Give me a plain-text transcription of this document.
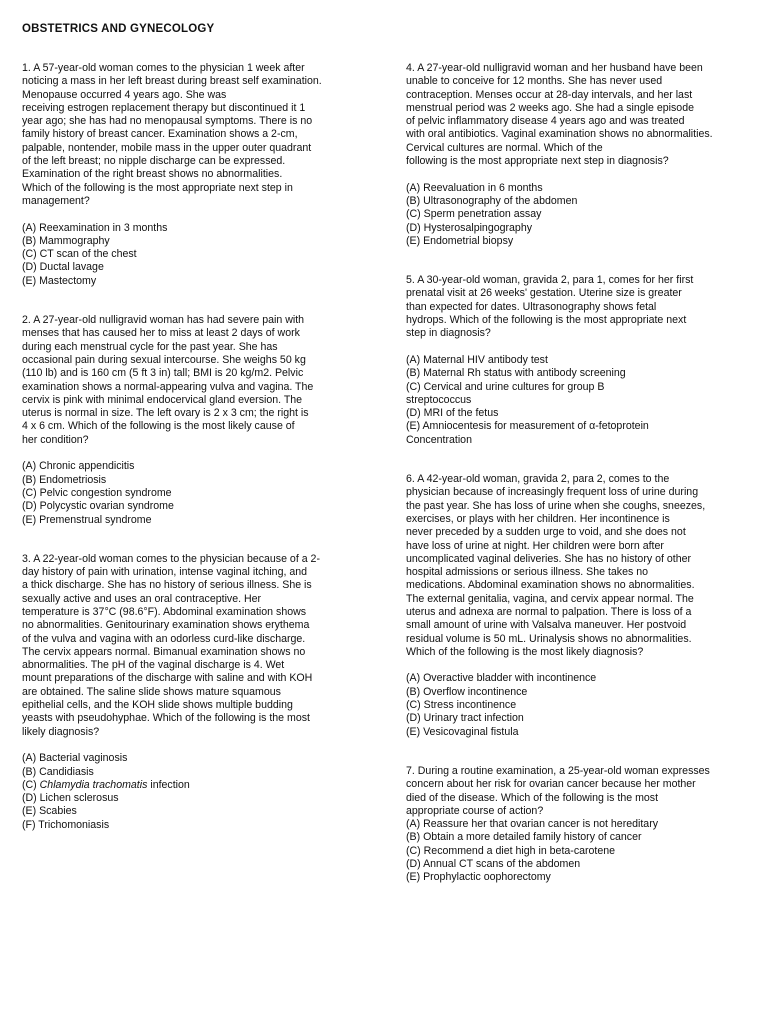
OBSTETRICS AND GYNECOLOGY
1. A 57-year-old woman comes to the physician 1 week after
noticing a mass in her left breast during breast self examination.
Menopause occurred 4 years ago. She was
receiving estrogen replacement therapy but discontinued it 1
year ago; she has had no menopausal symptoms. There is no
family history of breast cancer. Examination shows a 2-cm,
palpable, nontender, mobile mass in the upper outer quadrant
of the left breast; no nipple discharge can be expressed.
Examination of the right breast shows no abnormalities.
Which of the following is the most appropriate next step in
management?
(A) Reexamination in 3 months
(B) Mammography
(C) CT scan of the chest
(D) Ductal lavage
(E) Mastectomy
2. A 27-year-old nulligravid woman has had severe pain with
menses that has caused her to miss at least 2 days of work
during each menstrual cycle for the past year. She has
occasional pain during sexual intercourse. She weighs 50 kg
(110 lb) and is 160 cm (5 ft 3 in) tall; BMI is 20 kg/m2. Pelvic
examination shows a normal-appearing vulva and vagina. The
cervix is pink with minimal endocervical gland eversion. The
uterus is normal in size. The left ovary is 2 x 3 cm; the right is
4 x 6 cm. Which of the following is the most likely cause of
her condition?
(A) Chronic appendicitis
(B) Endometriosis
(C) Pelvic congestion syndrome
(D) Polycystic ovarian syndrome
(E) Premenstrual syndrome
3. A 22-year-old woman comes to the physician because of a 2-
day history of pain with urination, intense vaginal itching, and
a thick discharge. She has no history of serious illness. She is
sexually active and uses an oral contraceptive. Her
temperature is 37°C (98.6°F). Abdominal examination shows
no abnormalities. Genitourinary examination shows erythema
of the vulva and vagina with an odorless curd-like discharge.
The cervix appears normal. Bimanual examination shows no
abnormalities. The pH of the vaginal discharge is 4. Wet
mount preparations of the discharge with saline and with KOH
are obtained. The saline slide shows mature squamous
epithelial cells, and the KOH slide shows multiple budding
yeasts with pseudohyphae. Which of the following is the most
likely diagnosis?
(A) Bacterial vaginosis
(B) Candidiasis
(C) Chlamydia trachomatis infection
(D) Lichen sclerosus
(E) Scabies
(F) Trichomoniasis
4. A 27-year-old nulligravid woman and her husband have been
unable to conceive for 12 months. She has never used
contraception. Menses occur at 28-day intervals, and her last
menstrual period was 2 weeks ago. She had a single episode
of pelvic inflammatory disease 4 years ago and was treated
with oral antibiotics. Vaginal examination shows no abnormalities.
Cervical cultures are normal. Which of the
following is the most appropriate next step in diagnosis?
(A) Reevaluation in 6 months
(B) Ultrasonography of the abdomen
(C) Sperm penetration assay
(D) Hysterosalpingography
(E) Endometrial biopsy
5. A 30-year-old woman, gravida 2, para 1, comes for her first
prenatal visit at 26 weeks' gestation. Uterine size is greater
than expected for dates. Ultrasonography shows fetal
hydrops. Which of the following is the most appropriate next
step in diagnosis?
(A) Maternal HIV antibody test
(B) Maternal Rh status with antibody screening
(C) Cervical and urine cultures for group B
streptococcus
(D) MRI of the fetus
(E) Amniocentesis for measurement of α-fetoprotein
Concentration
6. A 42-year-old woman, gravida 2, para 2, comes to the
physician because of increasingly frequent loss of urine during
the past year. She has loss of urine when she coughs, sneezes,
exercises, or plays with her children. Her incontinence is
never preceded by a sudden urge to void, and she does not
have loss of urine at night. Her children were born after
uncomplicated vaginal deliveries. She has no history of other
hospital admissions or serious illness. She takes no
medications. Abdominal examination shows no abnormalities.
The external genitalia, vagina, and cervix appear normal. The
uterus and adnexa are normal to palpation. There is loss of a
small amount of urine with Valsalva maneuver. Her postvoid
residual volume is 50 mL. Urinalysis shows no abnormalities.
Which of the following is the most likely diagnosis?
(A) Overactive bladder with incontinence
(B) Overflow incontinence
(C) Stress incontinence
(D) Urinary tract infection
(E) Vesicovaginal fistula
7. During a routine examination, a 25-year-old woman expresses
concern about her risk for ovarian cancer because her mother
died of the disease. Which of the following is the most
appropriate course of action?
(A) Reassure her that ovarian cancer is not hereditary
(B) Obtain a more detailed family history of cancer
(C) Recommend a diet high in beta-carotene
(D) Annual CT scans of the abdomen
(E) Prophylactic oophorectomy
